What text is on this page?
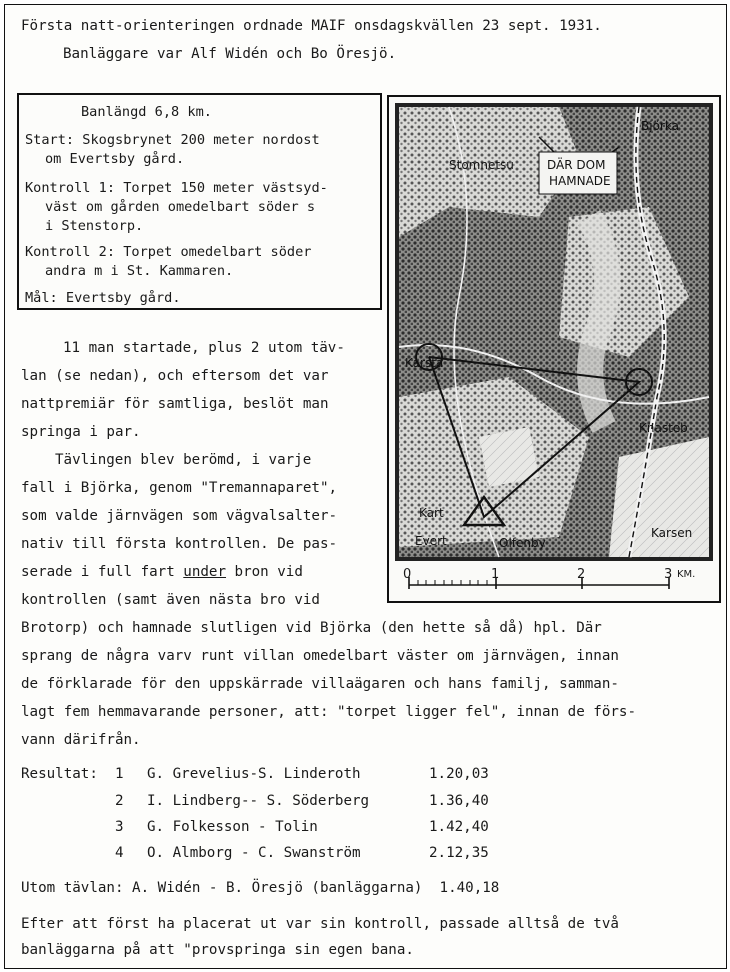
Första natt-orienteringen ordnade MAIF onsdagskvällen 23 sept. 1931.
Banläggare var Alf Widén och Bo Öresjö.
Banlängd 6,8 km.
Start: Skogsbrynet 200 meter nordost
om Evertsby gård.
Kontroll 1: Torpet 150 meter västsyd-
väst om gården omedelbart söder s
i Stenstorp.
Kontroll 2: Torpet omedelbart söder
andra m i St. Kammaren.
Mål: Evertsby gård.
DÄR DOM
HAMNADE
Björka
Stomnetsu
Karsta
Knasteb
Kart
Evert	Olfenby
Karsen
0	1	2	3 KM.
11 man startade, plus 2 utom täv-
lan (se nedan), och eftersom det var
nattpremiär för samtliga, beslöt man
springa i par.
Tävlingen blev berömd, i varje
fall i Björka, genom "Tremannaparet",
som valde järnvägen som vägvalsalter-
nativ till första kontrollen. De pas-
serade i full fart under bron vid
kontrollen (samt även nästa bro vid
Brotorp) och hamnade slutligen vid Björka (den hette så då) hpl. Där
sprang de några varv runt villan omedelbart väster om järnvägen, innan
de förklarade för den uppskärrade villaägaren och hans familj, samman-
lagt fem hemmavarande personer, att: "torpet ligger fel", innan de förs-
vann därifrån.
Resultat: 1 G. Grevelius-S. Linderoth	1.20,03
2 I. Lindberg-- S. Söderberg	1.36,40
3 G. Folkesson - Tolin	1.42,40
4 O. Almborg - C. Swanström	2.12,35
Utom tävlan: A. Widén - B. Öresjö (banläggarna)  1.40,18
Efter att först ha placerat ut var sin kontroll, passade alltså de två
banläggarna på att "provspringa sin egen bana.
